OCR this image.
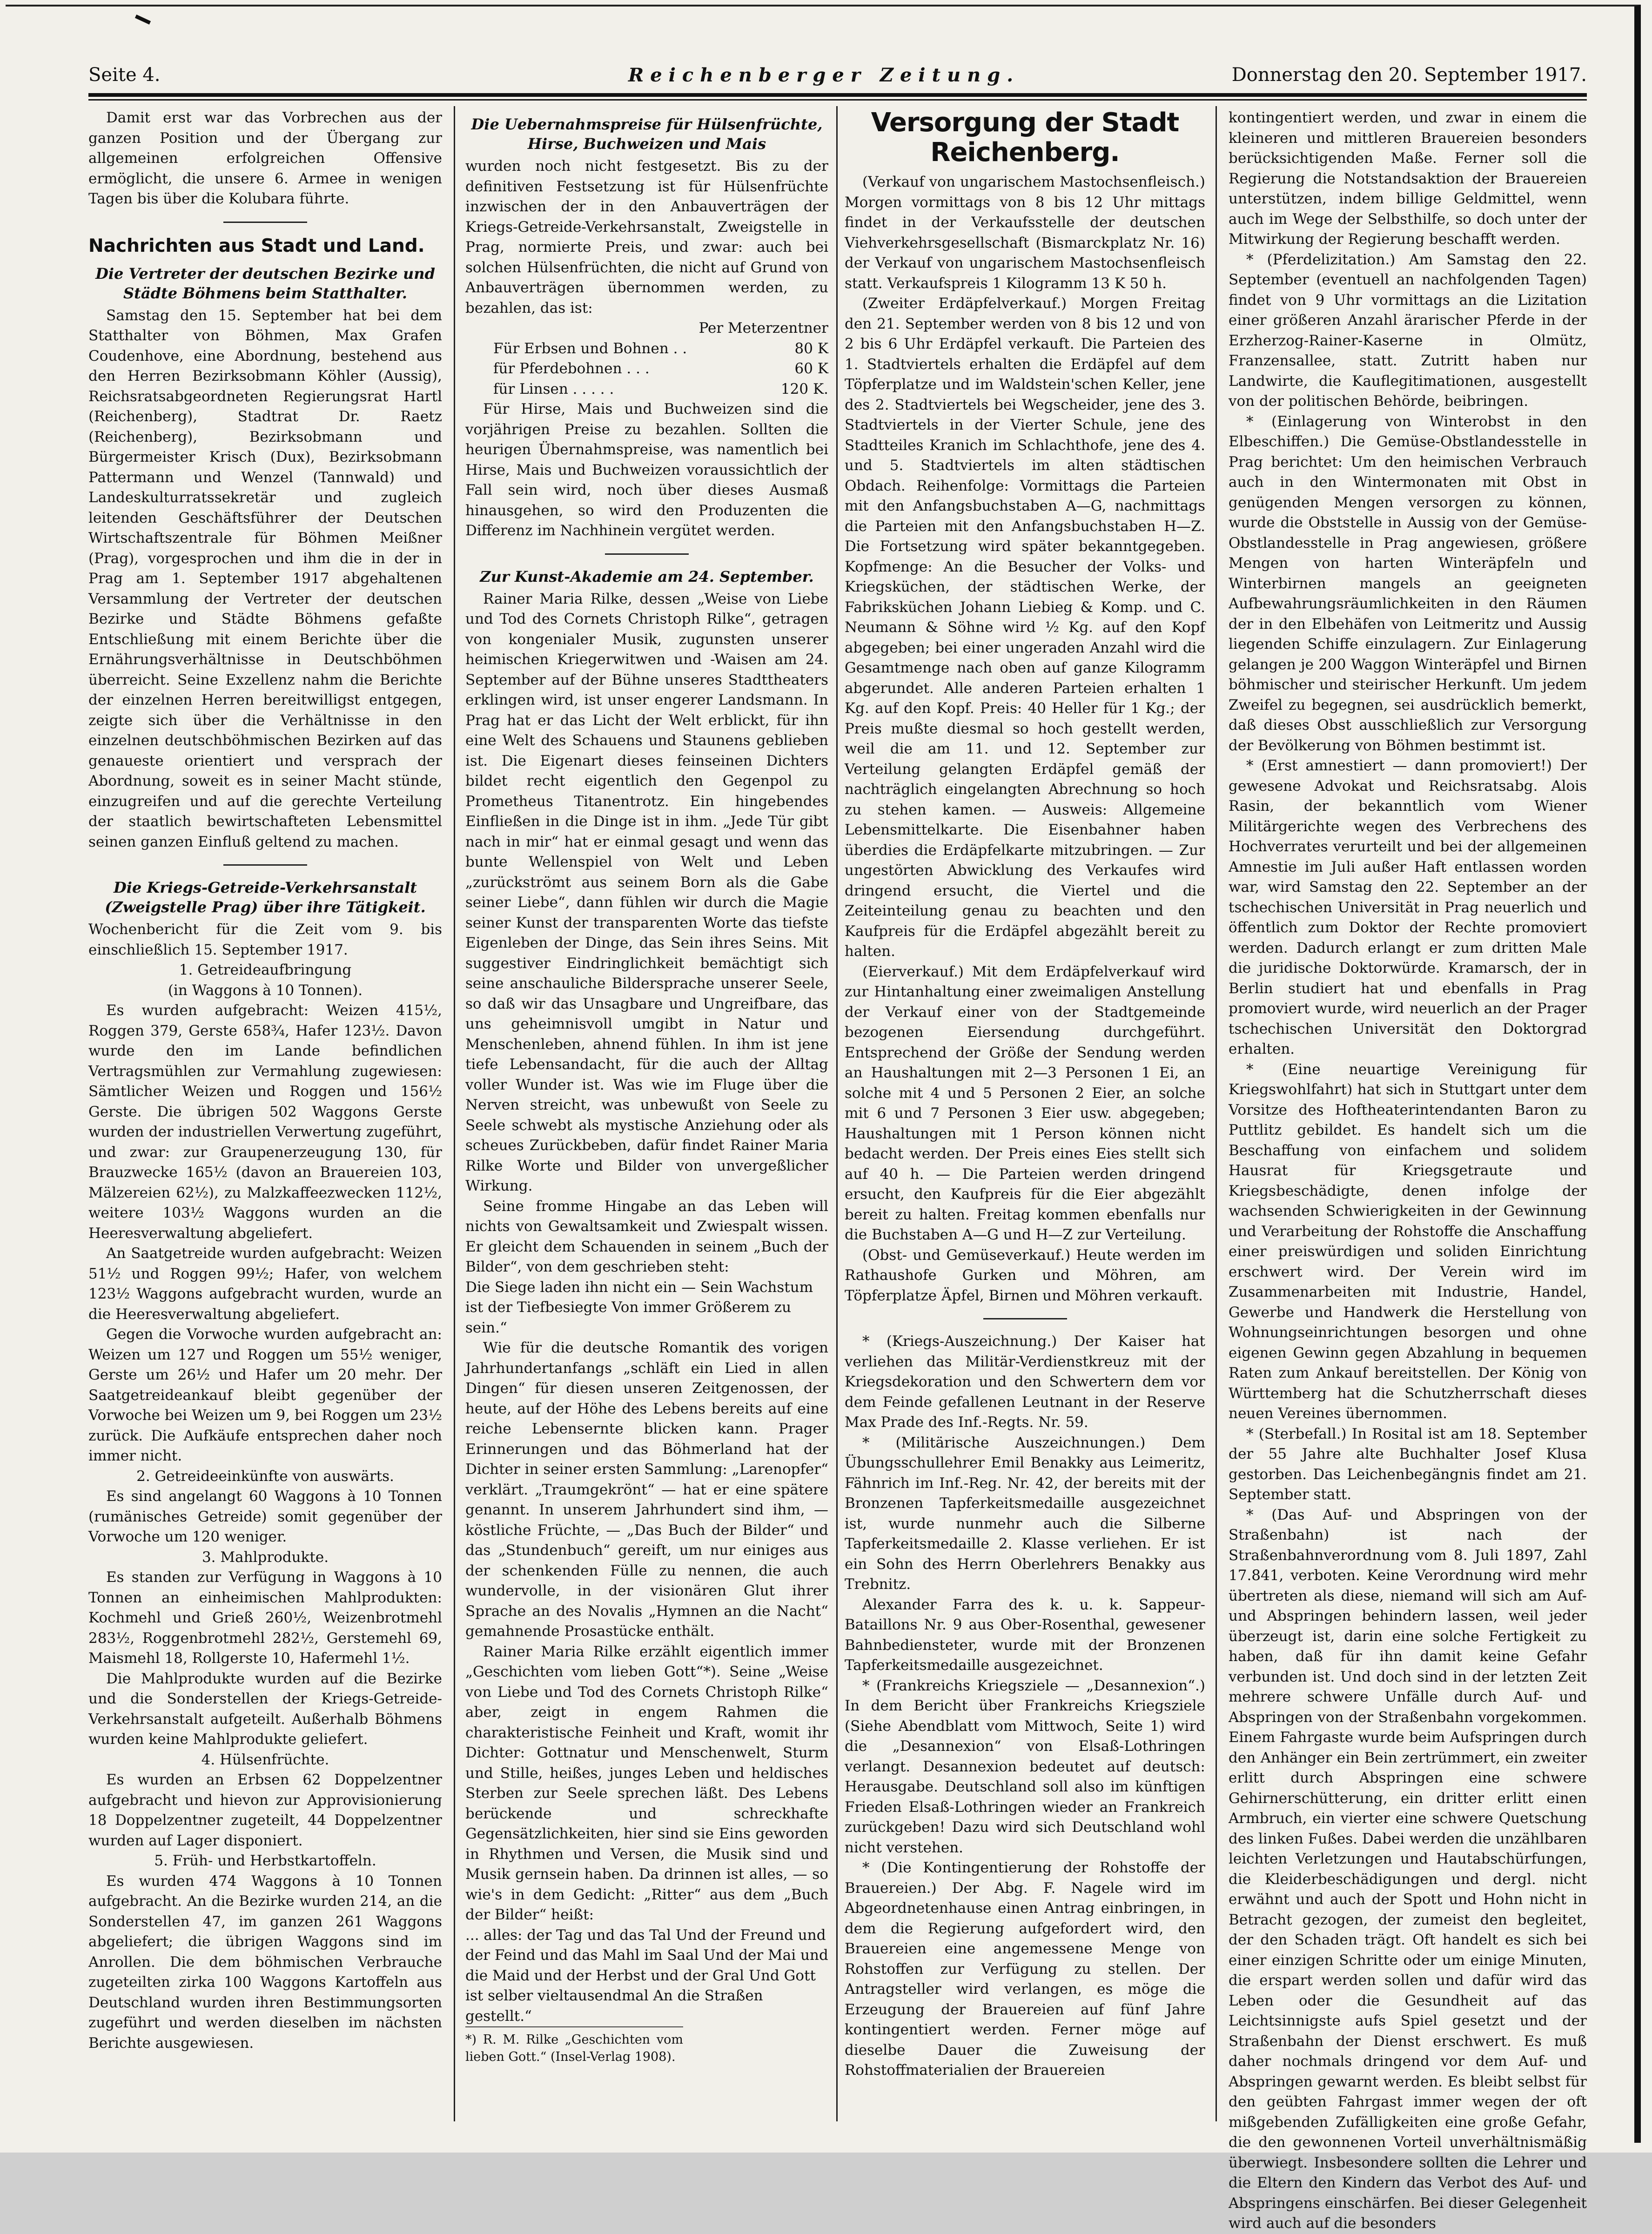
Seite 4.	Reichenberger Zeitung.	Donnerstag den 20. September 1917.

Damit erst war das Vorbrechen aus der ganzen Position und der Übergang zur allgemeinen erfolgreichen Offensive ermöglicht, die unsere 6. Armee in wenigen Tagen bis über die Kolubara führte.

Nachrichten aus Stadt und Land.
Die Vertreter der deutschen Bezirke und Städte Böhmens beim Statthalter.

Samstag den 15. September hat bei dem Statthalter von Böhmen, Max Grafen Coudenhove, eine Abordnung, bestehend aus den Herren Bezirksobmann Köhler (Aussig), Reichsratsabgeordneten Regierungsrat Hartl (Reichenberg), Stadtrat Dr. Raetz (Reichenberg), Bezirksobmann und Bürgermeister Krisch (Dux), Bezirksobmann Pattermann und Wenzel (Tannwald) und Landeskulturratssekretär und zugleich leitenden Geschäftsführer der Deutschen Wirtschaftszentrale für Böhmen Meißner (Prag), vorgesprochen und ihm die in der in Prag am 1. September 1917 abgehaltenen Versammlung der Vertreter der deutschen Bezirke und Städte Böhmens gefaßte Entschließung mit einem Berichte über die Ernährungsverhältnisse in Deutschböhmen überreicht. Seine Exzellenz nahm die Berichte der einzelnen Herren bereitwilligst entgegen, zeigte sich über die Verhältnisse in den einzelnen deutschböhmischen Bezirken auf das genaueste orientiert und versprach der Abordnung, soweit es in seiner Macht stünde, einzugreifen und auf die gerechte Verteilung der staatlich bewirtschafteten Lebensmittel seinen ganzen Einfluß geltend zu machen.

Die Kriegs-Getreide-Verkehrsanstalt (Zweigstelle Prag) über ihre Tätigkeit.

Wochenbericht für die Zeit vom 9. bis einschließlich 15. September 1917.

1. Getreideaufbringung

(in Waggons à 10 Tonnen).

Es wurden aufgebracht: Weizen 415½, Roggen 379, Gerste 658¾, Hafer 123½. Davon wurde den im Lande befindlichen Vertragsmühlen zur Vermahlung zugewiesen: Sämtlicher Weizen und Roggen und 156½ Gerste. Die übrigen 502 Waggons Gerste wurden der industriellen Verwertung zugeführt, und zwar: zur Graupenerzeugung 130, für Brauzwecke 165½ (davon an Brauereien 103, Mälzereien 62½), zu Malzkaffeezwecken 112½, weitere 103½ Waggons wurden an die Heeresverwaltung abgeliefert.

An Saatgetreide wurden aufgebracht: Weizen 51½ und Roggen 99½; Hafer, von welchem 123½ Waggons aufgebracht wurden, wurde an die Heeresverwaltung abgeliefert.

Gegen die Vorwoche wurden aufgebracht an: Weizen um 127 und Roggen um 55½ weniger, Gerste um 26½ und Hafer um 20 mehr. Der Saatgetreideankauf bleibt gegenüber der Vorwoche bei Weizen um 9, bei Roggen um 23½ zurück. Die Aufkäufe entsprechen daher noch immer nicht.

2. Getreideeinkünfte von auswärts.

Es sind angelangt 60 Waggons à 10 Tonnen (rumänisches Getreide) somit gegenüber der Vorwoche um 120 weniger.

3. Mahlprodukte.

Es standen zur Verfügung in Waggons à 10 Tonnen an einheimischen Mahlprodukten: Kochmehl und Grieß 260½, Weizenbrotmehl 283½, Roggenbrotmehl 282½, Gerstemehl 69, Maismehl 18, Rollgerste 10, Hafermehl 1½.

Die Mahlprodukte wurden auf die Bezirke und die Sonderstellen der Kriegs-Getreide-Verkehrsanstalt aufgeteilt. Außerhalb Böhmens wurden keine Mahlprodukte geliefert.

4. Hülsenfrüchte.

Es wurden an Erbsen 62 Doppelzentner aufgebracht und hievon zur Approvisionierung 18 Doppelzentner zugeteilt, 44 Doppelzentner wurden auf Lager disponiert.

5. Früh- und Herbstkartoffeln.

Es wurden 474 Waggons à 10 Tonnen aufgebracht. An die Bezirke wurden 214, an die Sonderstellen 47, im ganzen 261 Waggons abgeliefert; die übrigen Waggons sind im Anrollen. Die dem böhmischen Verbrauche zugeteilten zirka 100 Waggons Kartoffeln aus Deutschland wurden ihren Bestimmungsorten zugeführt und werden dieselben im nächsten Berichte ausgewiesen.

Die Uebernahmspreise für Hülsenfrüchte, Hirse, Buchweizen und Mais

wurden noch nicht festgesetzt. Bis zu der definitiven Festsetzung ist für Hülsenfrüchte inzwischen der in den Anbauverträgen der Kriegs-Getreide-Verkehrsanstalt, Zweigstelle in Prag, normierte Preis, und zwar: auch bei solchen Hülsenfrüchten, die nicht auf Grund von Anbauverträgen übernommen werden, zu bezahlen, das ist:

	Per Meterzentner
Für Erbsen und Bohnen . .	80 K
für Pferdebohnen . . .	60 K
für Linsen . . . . .	120 K.

Für Hirse, Mais und Buchweizen sind die vorjährigen Preise zu bezahlen. Sollten die heurigen Übernahmspreise, was namentlich bei Hirse, Mais und Buchweizen voraussichtlich der Fall sein wird, noch über dieses Ausmaß hinausgehen, so wird den Produzenten die Differenz im Nachhinein vergütet werden.

Zur Kunst-Akademie am 24. September.

Rainer Maria Rilke, dessen „Weise von Liebe und Tod des Cornets Christoph Rilke“, getragen von kongenialer Musik, zugunsten unserer heimischen Kriegerwitwen und -Waisen am 24. September auf der Bühne unseres Stadttheaters erklingen wird, ist unser engerer Landsmann. In Prag hat er das Licht der Welt erblickt, für ihn eine Welt des Schauens und Staunens geblieben ist. Die Eigenart dieses feinseinen Dichters bildet recht eigentlich den Gegenpol zu Prometheus Titanentrotz. Ein hingebendes Einfließen in die Dinge ist in ihm. „Jede Tür gibt nach in mir“ hat er einmal gesagt und wenn das bunte Wellenspiel von Welt und Leben „zurückströmt aus seinem Born als die Gabe seiner Liebe“, dann fühlen wir durch die Magie seiner Kunst der transparenten Worte das tiefste Eigenleben der Dinge, das Sein ihres Seins. Mit suggestiver Eindringlichkeit bemächtigt sich seine anschauliche Bildersprache unserer Seele, so daß wir das Unsagbare und Ungreifbare, das uns geheimnisvoll umgibt in Natur und Menschenleben, ahnend fühlen. In ihm ist jene tiefe Lebensandacht, für die auch der Alltag voller Wunder ist. Was wie im Fluge über die Nerven streicht, was unbewußt von Seele zu Seele schwebt als mystische Anziehung oder als scheues Zurückbeben, dafür findet Rainer Maria Rilke Worte und Bilder von unvergeßlicher Wirkung.

Seine fromme Hingabe an das Leben will nichts von Gewaltsamkeit und Zwiespalt wissen. Er gleicht dem Schauenden in seinem „Buch der Bilder“, von dem geschrieben steht:

Die Siege laden ihn nicht ein — Sein Wachstum ist der Tiefbesiegte Von immer Größerem zu sein.“

Wie für die deutsche Romantik des vorigen Jahrhundertanfangs „schläft ein Lied in allen Dingen“ für diesen unseren Zeitgenossen, der heute, auf der Höhe des Lebens bereits auf eine reiche Lebensernte blicken kann. Prager Erinnerungen und das Böhmerland hat der Dichter in seiner ersten Sammlung: „Larenopfer“ verklärt. „Traumgekrönt“ — hat er eine spätere genannt. In unserem Jahrhundert sind ihm, — köstliche Früchte, — „Das Buch der Bilder“ und das „Stundenbuch“ gereift, um nur einiges aus der schenkenden Fülle zu nennen, die auch wundervolle, in der visionären Glut ihrer Sprache an des Novalis „Hymnen an die Nacht“ gemahnende Prosastücke enthält.

Rainer Maria Rilke erzählt eigentlich immer „Geschichten vom lieben Gott“*). Seine „Weise von Liebe und Tod des Cornets Christoph Rilke“ aber, zeigt in engem Rahmen die charakteristische Feinheit und Kraft, womit ihr Dichter: Gottnatur und Menschenwelt, Sturm und Stille, heißes, junges Leben und heldisches Sterben zur Seele sprechen läßt. Des Lebens berückende und schreckhafte Gegensätzlichkeiten, hier sind sie Eins geworden in Rhythmen und Versen, die Musik sind und Musik gernsein haben. Da drinnen ist alles, — so wie's in dem Gedicht: „Ritter“ aus dem „Buch der Bilder“ heißt:

... alles: der Tag und das Tal Und der Freund und der Feind und das Mahl im Saal Und der Mai und die Maid und der Herbst und der Gral Und Gott ist selber vieltausendmal An die Straßen gestellt.“

*) R. M. Rilke „Geschichten vom lieben Gott.“ (Insel-Verlag 1908).

Versorgung der Stadt Reichenberg.

(Verkauf von ungarischem Mastochsenfleisch.) Morgen vormittags von 8 bis 12 Uhr mittags findet in der Verkaufsstelle der deutschen Viehverkehrsgesellschaft (Bismarckplatz Nr. 16) der Verkauf von ungarischem Mastochsenfleisch statt. Verkaufspreis 1 Kilogramm 13 K 50 h.

(Zweiter Erdäpfelverkauf.) Morgen Freitag den 21. September werden von 8 bis 12 und von 2 bis 6 Uhr Erdäpfel verkauft. Die Parteien des 1. Stadtviertels erhalten die Erdäpfel auf dem Töpferplatze und im Waldstein'schen Keller, jene des 2. Stadtviertels bei Wegscheider, jene des 3. Stadtviertels in der Vierter Schule, jene des Stadtteiles Kranich im Schlachthofe, jene des 4. und 5. Stadtviertels im alten städtischen Obdach. Reihenfolge: Vormittags die Parteien mit den Anfangsbuchstaben A—G, nachmittags die Parteien mit den Anfangsbuchstaben H—Z. Die Fortsetzung wird später bekanntgegeben. Kopfmenge: An die Besucher der Volks- und Kriegsküchen, der städtischen Werke, der Fabriksküchen Johann Liebieg & Komp. und C. Neumann & Söhne wird ½ Kg. auf den Kopf abgegeben; bei einer ungeraden Anzahl wird die Gesamtmenge nach oben auf ganze Kilogramm abgerundet. Alle anderen Parteien erhalten 1 Kg. auf den Kopf. Preis: 40 Heller für 1 Kg.; der Preis mußte diesmal so hoch gestellt werden, weil die am 11. und 12. September zur Verteilung gelangten Erdäpfel gemäß der nachträglich eingelangten Abrechnung so hoch zu stehen kamen. — Ausweis: Allgemeine Lebensmittelkarte. Die Eisenbahner haben überdies die Erdäpfelkarte mitzubringen. — Zur ungestörten Abwicklung des Verkaufes wird dringend ersucht, die Viertel und die Zeiteinteilung genau zu beachten und den Kaufpreis für die Erdäpfel abgezählt bereit zu halten.

(Eierverkauf.) Mit dem Erdäpfelverkauf wird zur Hintanhaltung einer zweimaligen Anstellung der Verkauf einer von der Stadtgemeinde bezogenen Eiersendung durchgeführt. Entsprechend der Größe der Sendung werden an Haushaltungen mit 2—3 Personen 1 Ei, an solche mit 4 und 5 Personen 2 Eier, an solche mit 6 und 7 Personen 3 Eier usw. abgegeben; Haushaltungen mit 1 Person können nicht bedacht werden. Der Preis eines Eies stellt sich auf 40 h. — Die Parteien werden dringend ersucht, den Kaufpreis für die Eier abgezählt bereit zu halten. Freitag kommen ebenfalls nur die Buchstaben A—G und H—Z zur Verteilung.

(Obst- und Gemüseverkauf.) Heute werden im Rathaushofe Gurken und Möhren, am Töpferplatze Äpfel, Birnen und Möhren verkauft.

* (Kriegs-Auszeichnung.) Der Kaiser hat verliehen das Militär-Verdienstkreuz mit der Kriegsdekoration und den Schwertern dem vor dem Feinde gefallenen Leutnant in der Reserve Max Prade des Inf.-Regts. Nr. 59.

* (Militärische Auszeichnungen.) Dem Übungsschullehrer Emil Benakky aus Leimeritz, Fähnrich im Inf.-Reg. Nr. 42, der bereits mit der Bronzenen Tapferkeitsmedaille ausgezeichnet ist, wurde nunmehr auch die Silberne Tapferkeitsmedaille 2. Klasse verliehen. Er ist ein Sohn des Herrn Oberlehrers Benakky aus Trebnitz.

Alexander Farra des k. u. k. Sappeur-Bataillons Nr. 9 aus Ober-Rosenthal, gewesener Bahnbediensteter, wurde mit der Bronzenen Tapferkeitsmedaille ausgezeichnet.

* (Frankreichs Kriegsziele — „Desannexion“.) In dem Bericht über Frankreichs Kriegsziele (Siehe Abendblatt vom Mittwoch, Seite 1) wird die „Desannexion“ von Elsaß-Lothringen verlangt. Desannexion bedeutet auf deutsch: Herausgabe. Deutschland soll also im künftigen Frieden Elsaß-Lothringen wieder an Frankreich zurückgeben! Dazu wird sich Deutschland wohl nicht verstehen.

* (Die Kontingentierung der Rohstoffe der Brauereien.) Der Abg. F. Nagele wird im Abgeordnetenhause einen Antrag einbringen, in dem die Regierung aufgefordert wird, den Brauereien eine angemessene Menge von Rohstoffen zur Verfügung zu stellen. Der Antragsteller wird verlangen, es möge die Erzeugung der Brauereien auf fünf Jahre kontingentiert werden. Ferner möge auf dieselbe Dauer die Zuweisung der Rohstoffmaterialien der Brauereien

kontingentiert werden, und zwar in einem die kleineren und mittleren Brauereien besonders berücksichtigenden Maße. Ferner soll die Regierung die Notstandsaktion der Brauereien unterstützen, indem billige Geldmittel, wenn auch im Wege der Selbsthilfe, so doch unter der Mitwirkung der Regierung beschafft werden.

* (Pferdelizitation.) Am Samstag den 22. September (eventuell an nachfolgenden Tagen) findet von 9 Uhr vormittags an die Lizitation einer größeren Anzahl ärarischer Pferde in der Erzherzog-Rainer-Kaserne in Olmütz, Franzensallee, statt. Zutritt haben nur Landwirte, die Kauflegitimationen, ausgestellt von der politischen Behörde, beibringen.

* (Einlagerung von Winterobst in den Elbeschiffen.) Die Gemüse-Obstlandesstelle in Prag berichtet: Um den heimischen Verbrauch auch in den Wintermonaten mit Obst in genügenden Mengen versorgen zu können, wurde die Obststelle in Aussig von der Gemüse-Obstlandesstelle in Prag angewiesen, größere Mengen von harten Winteräpfeln und Winterbirnen mangels an geeigneten Aufbewahrungsräumlichkeiten in den Räumen der in den Elbehäfen von Leitmeritz und Aussig liegenden Schiffe einzulagern. Zur Einlagerung gelangen je 200 Waggon Winteräpfel und Birnen böhmischer und steirischer Herkunft. Um jedem Zweifel zu begegnen, sei ausdrücklich bemerkt, daß dieses Obst ausschließlich zur Versorgung der Bevölkerung von Böhmen bestimmt ist.

* (Erst amnestiert — dann promoviert!) Der gewesene Advokat und Reichsratsabg. Alois Rasin, der bekanntlich vom Wiener Militärgerichte wegen des Verbrechens des Hochverrates verurteilt und bei der allgemeinen Amnestie im Juli außer Haft entlassen worden war, wird Samstag den 22. September an der tschechischen Universität in Prag neuerlich und öffentlich zum Doktor der Rechte promoviert werden. Dadurch erlangt er zum dritten Male die juridische Doktorwürde. Kramarsch, der in Berlin studiert hat und ebenfalls in Prag promoviert wurde, wird neuerlich an der Prager tschechischen Universität den Doktorgrad erhalten.

* (Eine neuartige Vereinigung für Kriegswohlfahrt) hat sich in Stuttgart unter dem Vorsitze des Hoftheaterintendanten Baron zu Puttlitz gebildet. Es handelt sich um die Beschaffung von einfachem und solidem Hausrat für Kriegsgetraute und Kriegsbeschädigte, denen infolge der wachsenden Schwierigkeiten in der Gewinnung und Verarbeitung der Rohstoffe die Anschaffung einer preiswürdigen und soliden Einrichtung erschwert wird. Der Verein wird im Zusammenarbeiten mit Industrie, Handel, Gewerbe und Handwerk die Herstellung von Wohnungseinrichtungen besorgen und ohne eigenen Gewinn gegen Abzahlung in bequemen Raten zum Ankauf bereitstellen. Der König von Württemberg hat die Schutzherrschaft dieses neuen Vereines übernommen.

* (Sterbefall.) In Rosital ist am 18. September der 55 Jahre alte Buchhalter Josef Klusa gestorben. Das Leichenbegängnis findet am 21. September statt.

* (Das Auf- und Abspringen von der Straßenbahn) ist nach der Straßenbahnverordnung vom 8. Juli 1897, Zahl 17.841, verboten. Keine Verordnung wird mehr übertreten als diese, niemand will sich am Auf- und Abspringen behindern lassen, weil jeder überzeugt ist, darin eine solche Fertigkeit zu haben, daß für ihn damit keine Gefahr verbunden ist. Und doch sind in der letzten Zeit mehrere schwere Unfälle durch Auf- und Abspringen von der Straßenbahn vorgekommen. Einem Fahrgaste wurde beim Aufspringen durch den Anhänger ein Bein zertrümmert, ein zweiter erlitt durch Abspringen eine schwere Gehirnerschütterung, ein dritter erlitt einen Armbruch, ein vierter eine schwere Quetschung des linken Fußes. Dabei werden die unzählbaren leichten Verletzungen und Hautabschürfungen, die Kleiderbeschädigungen und dergl. nicht erwähnt und auch der Spott und Hohn nicht in Betracht gezogen, der zumeist den begleitet, der den Schaden trägt. Oft handelt es sich bei einer einzigen Schritte oder um einige Minuten, die erspart werden sollen und dafür wird das Leben oder die Gesundheit auf das Leichtsinnigste aufs Spiel gesetzt und der Straßenbahn der Dienst erschwert. Es muß daher nochmals dringend vor dem Auf- und Abspringen gewarnt werden. Es bleibt selbst für den geübten Fahrgast immer wegen der oft mißgebenden Zufälligkeiten eine große Gefahr, die den gewonnenen Vorteil unverhältnismäßig überwiegt. Insbesondere sollten die Lehrer und die Eltern den Kindern das Verbot des Auf- und Abspringens einschärfen. Bei dieser Gelegenheit wird auch auf die besonders
